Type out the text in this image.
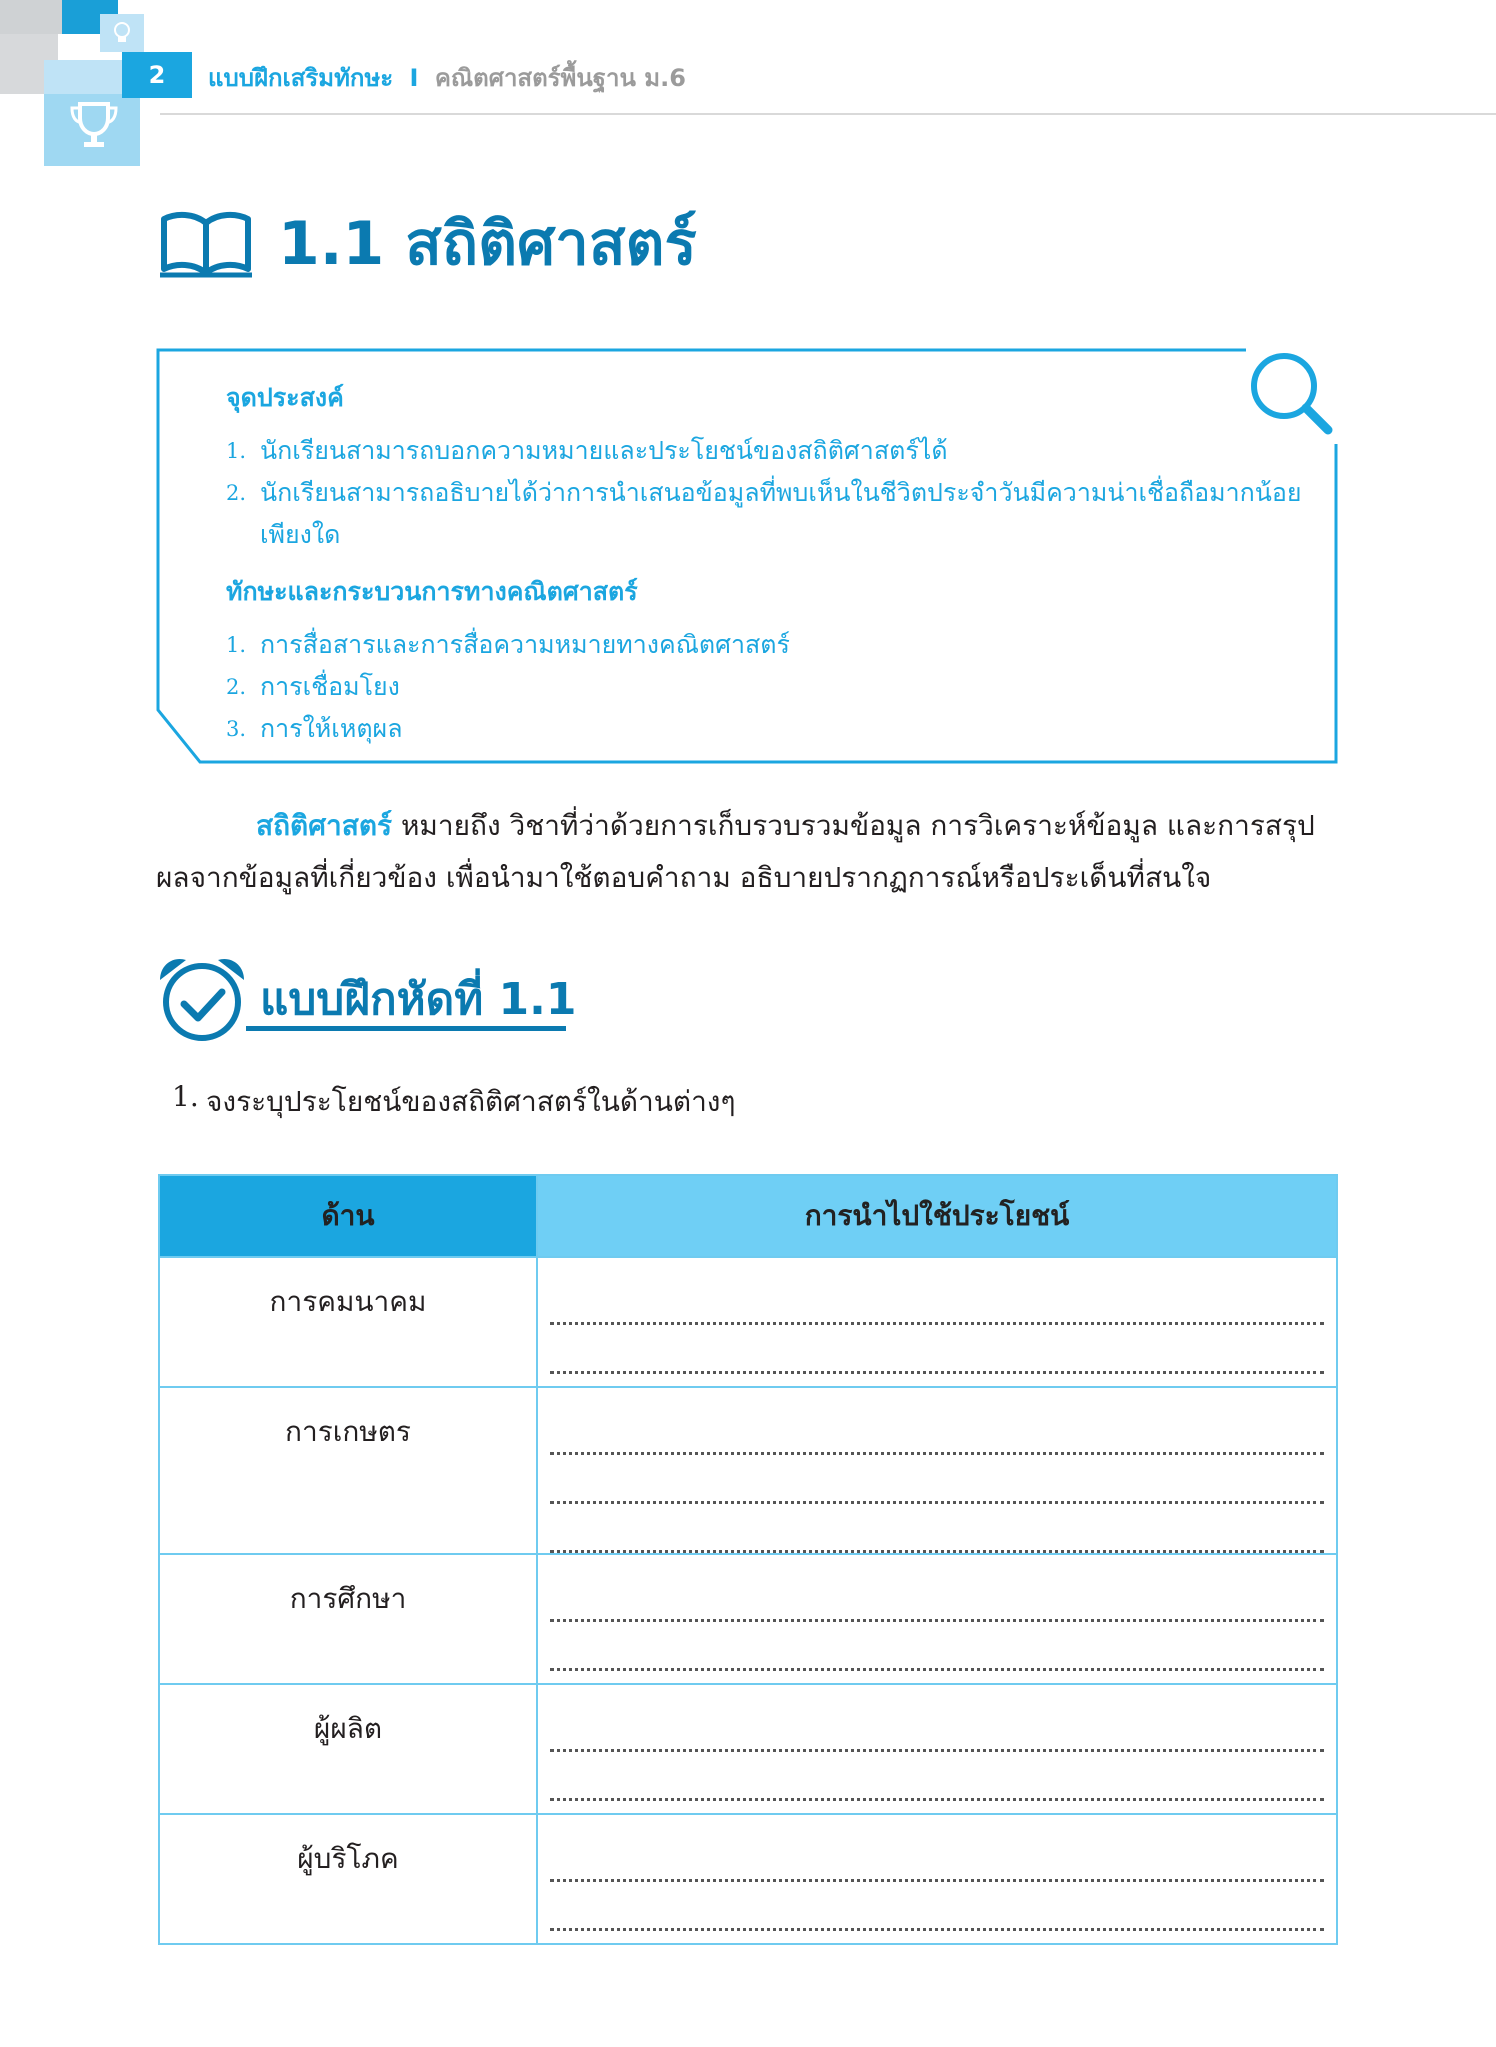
2	แบบฝึกเสริมทักษะ I คณิตศาสตร์พื้นฐาน ม.6
1.1 สถิติศาสตร์
จุดประสงค์
1. นักเรียนสามารถบอกความหมายและประโยชน์ของสถิติศาสตร์ได้
2. นักเรียนสามารถอธิบายได้ว่าการนำเสนอข้อมูลที่พบเห็นในชีวิตประจำวันมีความน่าเชื่อถือมากน้อยเพียงใด
ทักษะและกระบวนการทางคณิตศาสตร์
1. การสื่อสารและการสื่อความหมายทางคณิตศาสตร์
2. การเชื่อมโยง
3. การให้เหตุผล
สถิติศาสตร์ หมายถึง วิชาที่ว่าด้วยการเก็บรวบรวมข้อมูล การวิเคราะห์ข้อมูล และการสรุปผลจากข้อมูลที่เกี่ยวข้อง เพื่อนำมาใช้ตอบคำถาม อธิบายปรากฏการณ์หรือประเด็นที่สนใจ
แบบฝึกหัดที่ 1.1
1. จงระบุประโยชน์ของสถิติศาสตร์ในด้านต่างๆ
ด้าน	การนำไปใช้ประโยชน์
การคมนาคม	

การเกษตร	

การศึกษา	

ผู้ผลิต	

ผู้บริโภค	
